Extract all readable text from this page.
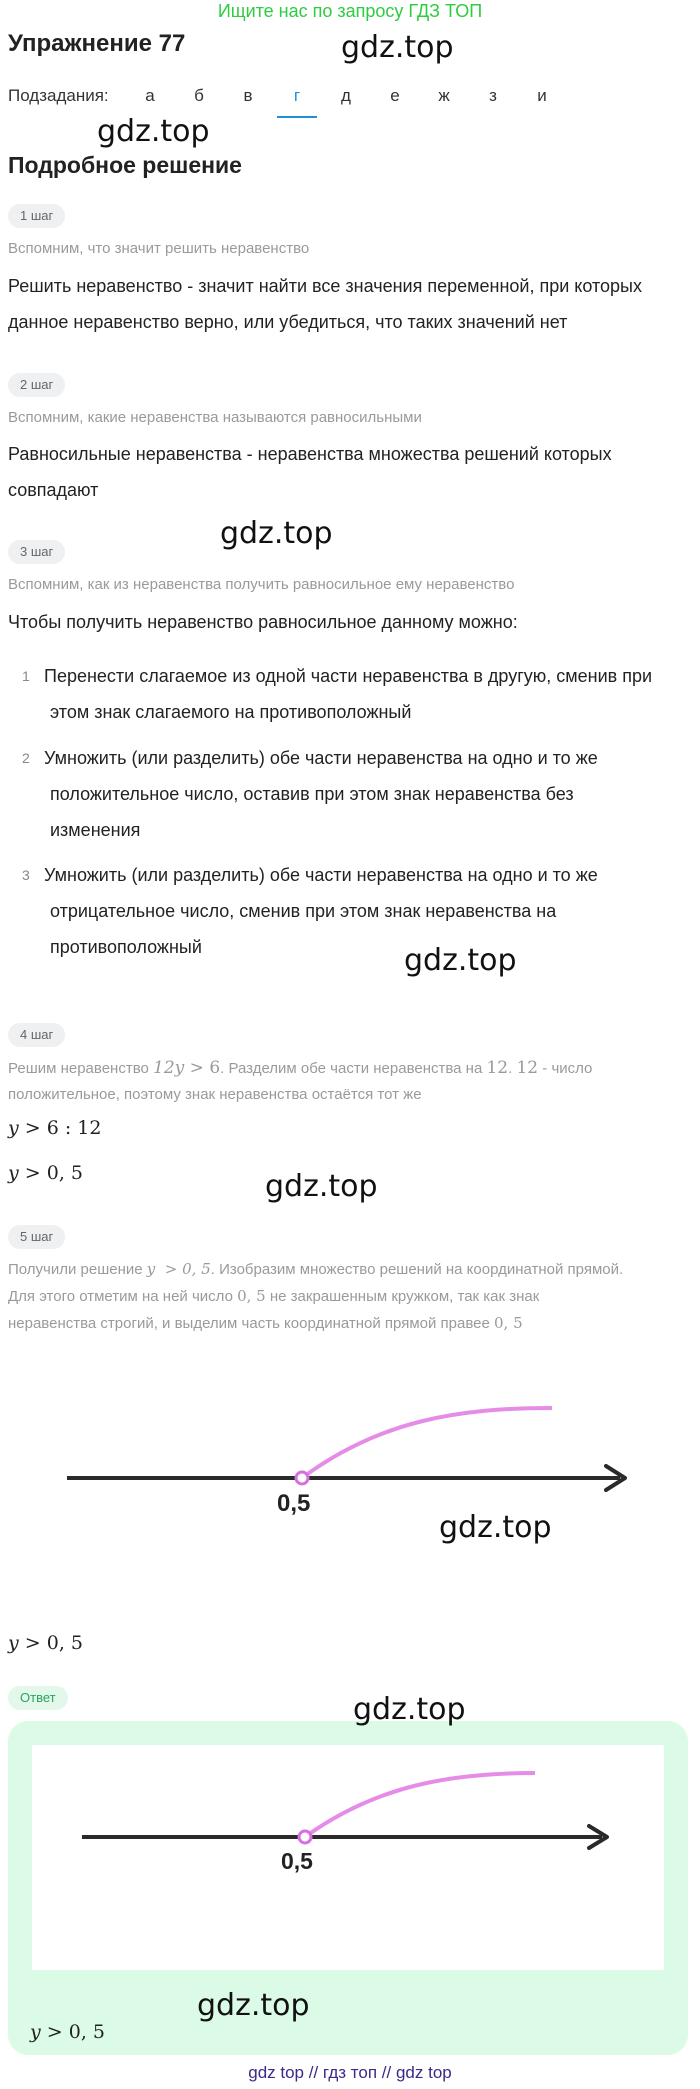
Ищите нас по запросу ГДЗ ТОП
Упражнение 77	gdz.top
Подзадания:	а	б	в	г	д	е	ж	з	и
gdz.top
Подробное решение
1 шаг
Вспомним, что значит решить неравенство
Решить неравенство - значит найти все значения переменной, при которых
данное неравенство верно, или убедиться, что таких значений нет
2 шаг
Вспомним, какие неравенства называются равносильными
Равносильные неравенства - неравенства множества решений которых
совпадают
gdz.top
3 шаг
Вспомним, как из неравенства получить равносильное ему неравенство
Чтобы получить неравенство равносильное данному можно:
1 Перенести слагаемое из одной части неравенства в другую, сменив при
этом знак слагаемого на противоположный
2 Умножить (или разделить) обе части неравенства на одно и то же
положительное число, оставив при этом знак неравенства без
изменения
3 Умножить (или разделить) обе части неравенства на одно и то же
отрицательное число, сменив при этом знак неравенства на
противоположный	gdz.top
4 шаг
Решим неравенство 12y > 6. Разделим обе части неравенства на 12. 12 - число
положительное, поэтому знак неравенства остаётся тот же
y > 6 : 12
y > 0, 5	gdz.top
5 шаг
Получили решение y  > 0, 5. Изобразим множество решений на координатной прямой.
Для этого отметим на ней число 0, 5 не закрашенным кружком, так как знак
неравенства строгий, и выделим часть координатной прямой правее 0, 5
0,5
gdz.top
y > 0, 5
Ответ
0,5
y > 0, 5
gdz.top
gdz.top
gdz top // гдз топ // gdz top
